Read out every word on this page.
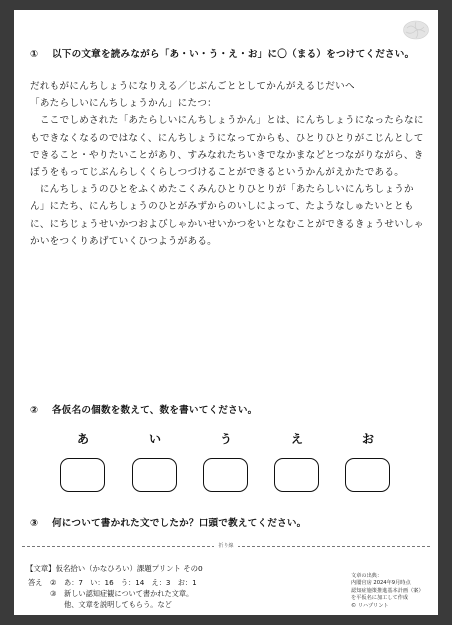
① 以下の文章を読みながら「あ・い・う・え・お」に〇（まる）をつけてください。

だれもがにんちしょうになりえる／じぶんごととしてかんがえるじだいへ

「あたらしいにんちしょうかん」にたつ：

　ここでしめされた「あたらしいにんちしょうかん」とは、にんちしょうになったらなにもできなくなるのではなく、にんちしょうになってからも、ひとりひとりがこじんとしてできること・やりたいことがあり、すみなれたちいきでなかまなどとつながりながら、きぼうをもってじぶんらしくくらしつづけることができるというかんがえかたである。

　にんちしょうのひとをふくめたこくみんひとりひとりが「あたらしいにんちしょうかん」にたち、にんちしょうのひとがみずからのいしによって、たようなしゅたいとともに、にちじょうせいかつおよびしゃかいせいかつをいとなむことができるきょうせいしゃかいをつくりあげていくひつようがある。

② 各仮名の個数を数えて、数を書いてください。
あ	い	う	え	お
③ 何について書かれた文でしたか？口頭で教えてください。
折り線
【文章】仮名拾い（かなひろい）課題プリント その0
答え ② あ：7　い：16　う：14　え：3　お：1
③ 新しい認知症観について書かれた文章。
他、文章を説明してもらう。など
文章の出典：
内閣官房 2024年9月時点
認知症施策推進基本計画（案）
を平仮名に加工して作成
© リハプリント
